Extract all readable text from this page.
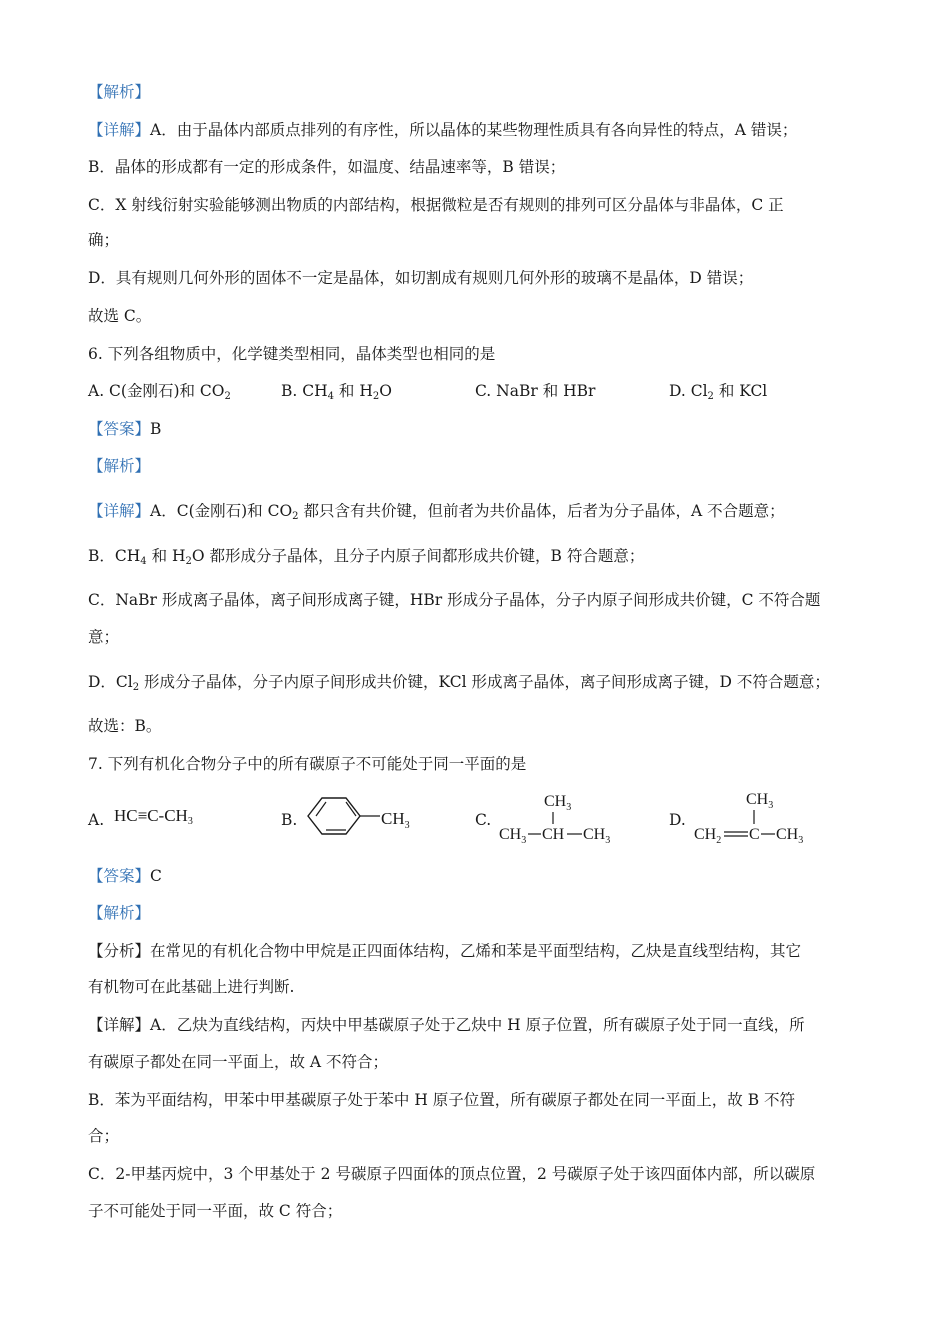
【解析】
【详解】A．由于晶体内部质点排列的有序性，所以晶体的某些物理性质具有各向异性的特点，A 错误；
B．晶体的形成都有一定的形成条件，如温度、结晶速率等，B 错误；
C．X 射线衍射实验能够测出物质的内部结构，根据微粒是否有规则的排列可区分晶体与非晶体，C 正
确；
D．具有规则几何外形的固体不一定是晶体，如切割成有规则几何外形的玻璃不是晶体，D 错误；
故选 C。
6. 下列各组物质中，化学键类型相同，晶体类型也相同的是
A. C(金刚石)和 $CO_2$	B. $CH_4$ 和 $H_2O$	C. NaBr 和 HBr	D. $Cl_2$ 和 KCl
【答案】B
【解析】
【详解】A．C(金刚石)和 $CO_2$ 都只含有共价键，但前者为共价晶体，后者为分子晶体，A 不合题意；
B．$CH_4$ 和 $H_2O$ 都形成分子晶体，且分子内原子间都形成共价键，B 符合题意；
C．NaBr 形成离子晶体，离子间形成离子键，HBr 形成分子晶体，分子内原子间形成共价键，C 不符合题
意；
D．$Cl_2$ 形成分子晶体，分子内原子间形成共价键，KCl 形成离子晶体，离子间形成离子键，D 不符合题意；
故选：B。
7. 下列有机化合物分子中的所有碳原子不可能处于同一平面的是
A. $HC\equiv C-CH_3$	B.	$CH_3$	C.
$CH_3$
$CH_3$ CH $CH_3$
D.
$CH_3$
$CH_2$ C $CH_3$
【答案】C
【解析】
【分析】在常见的有机化合物中甲烷是正四面体结构，乙烯和苯是平面型结构，乙炔是直线型结构，其它
有机物可在此基础上进行判断.
【详解】A．乙炔为直线结构，丙炔中甲基碳原子处于乙炔中 H 原子位置，所有碳原子处于同一直线，所
有碳原子都处在同一平面上，故 A 不符合；
B．苯为平面结构，甲苯中甲基碳原子处于苯中 H 原子位置，所有碳原子都处在同一平面上，故 B 不符
合；
C．2-甲基丙烷中，3 个甲基处于 2 号碳原子四面体的顶点位置，2 号碳原子处于该四面体内部，所以碳原
子不可能处于同一平面，故 C 符合；
